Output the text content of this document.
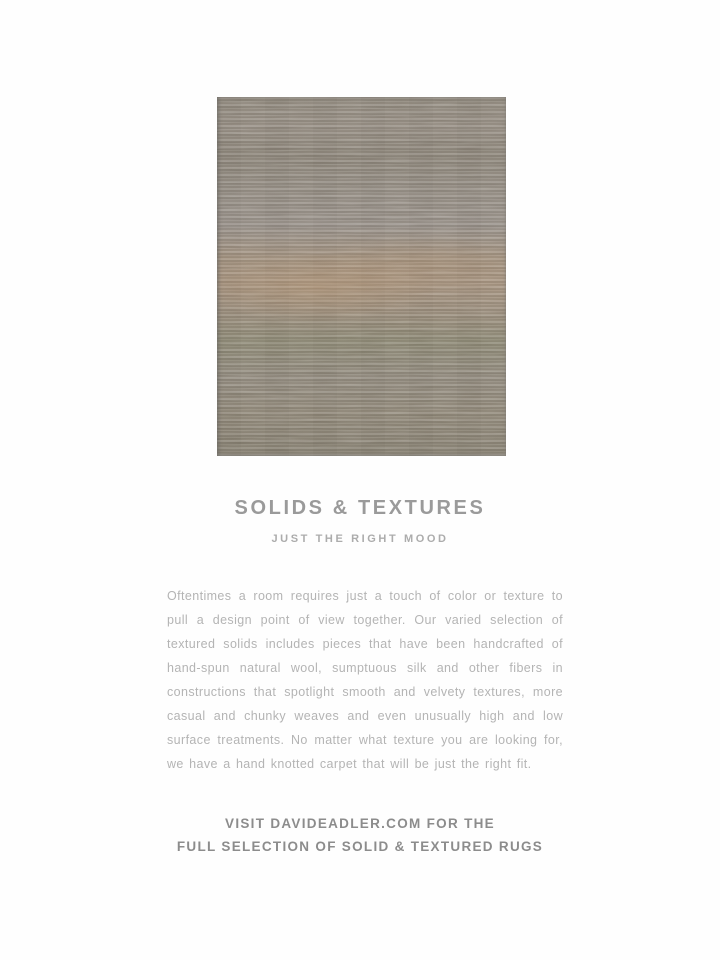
SOLIDS & TEXTURES
JUST THE RIGHT MOOD

Oftentimes a room requires just a touch of color or texture to pull a design point of view together. Our varied selection of textured solids includes pieces that have been handcrafted of hand-spun natural wool, sumptuous silk and other fibers in constructions that spotlight smooth and velvety textures, more casual and chunky weaves and even unusually high and low surface treatments. No matter what texture you are looking for, we have a hand knotted carpet that will be just the right fit.

VISIT DAVIDEADLER.COM FOR THE
FULL SELECTION OF SOLID & TEXTURED RUGS
